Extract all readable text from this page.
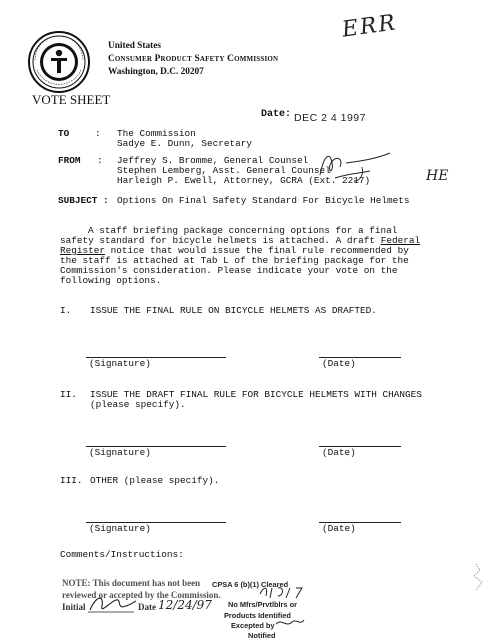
United States
Consumer Product Safety Commission
Washington, D.C. 20207
ERR
VOTE SHEET
Date: DEC 2 4 1997
TO	: The Commission
Sadye E. Dunn, Secretary
FROM : Jeffrey S. Bromme, General Counsel
Stephen Lemberg, Asst. General Counsel
Harleigh P. Ewell, Attorney, GCRA (Ext. 2217)	HE
SUBJECT : Options On Final Safety Standard For Bicycle Helmets
A staff briefing package concerning options for a final
safety standard for bicycle helmets is attached. A draft Federal
Register notice that would issue the final rule recommended by
the staff is attached at Tab L of the briefing package for the
Commission's consideration. Please indicate your vote on the
following options.
I. ISSUE THE FINAL RULE ON BICYCLE HELMETS AS DRAFTED.
(Signature)	(Date)
II. ISSUE THE DRAFT FINAL RULE FOR BICYCLE HELMETS WITH CHANGES
(please specify).
(Signature)	(Date)
III. OTHER (please specify).
(Signature)	(Date)
Comments/Instructions:
NOTE: This document has not been
reviewed or accepted by the Commission.
Initial	Date 12/24/97
CPSA 6 (b)(1) Cleared
No Mfrs/Prvtlblrs or
Products Identified
Excepted by
Notified
